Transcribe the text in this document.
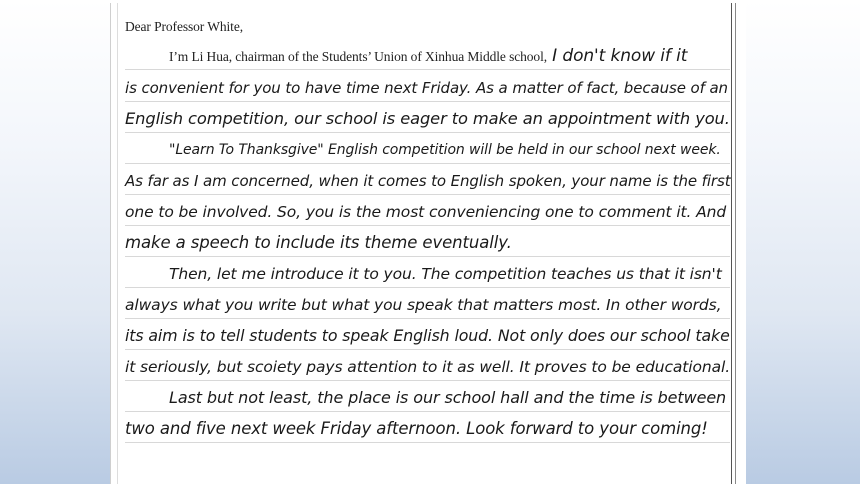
Dear Professor White,
I’m Li Hua, chairman of the Students’ Union of Xinhua Middle school, I don't know if it
is convenient for you to have time next Friday. As a matter of fact, because of an
English competition, our school is eager to make an appointment with you.
"Learn To Thanksgive" English competition will be held in our school next week.
As far as I am concerned, when it comes to English spoken, your name is the first
one to be involved. So, you is the most conveniencing one to comment it. And
make a speech to include its theme eventually.
Then, let me introduce it to you. The competition teaches us that it isn't
always what you write but what you speak that matters most. In other words,
its aim is to tell students to speak English loud. Not only does our school take
it seriously, but scoiety pays attention to it as well. It proves to be educational.
Last but not least, the place is our school hall and the time is between
two and five next week Friday afternoon. Look forward to your coming!
